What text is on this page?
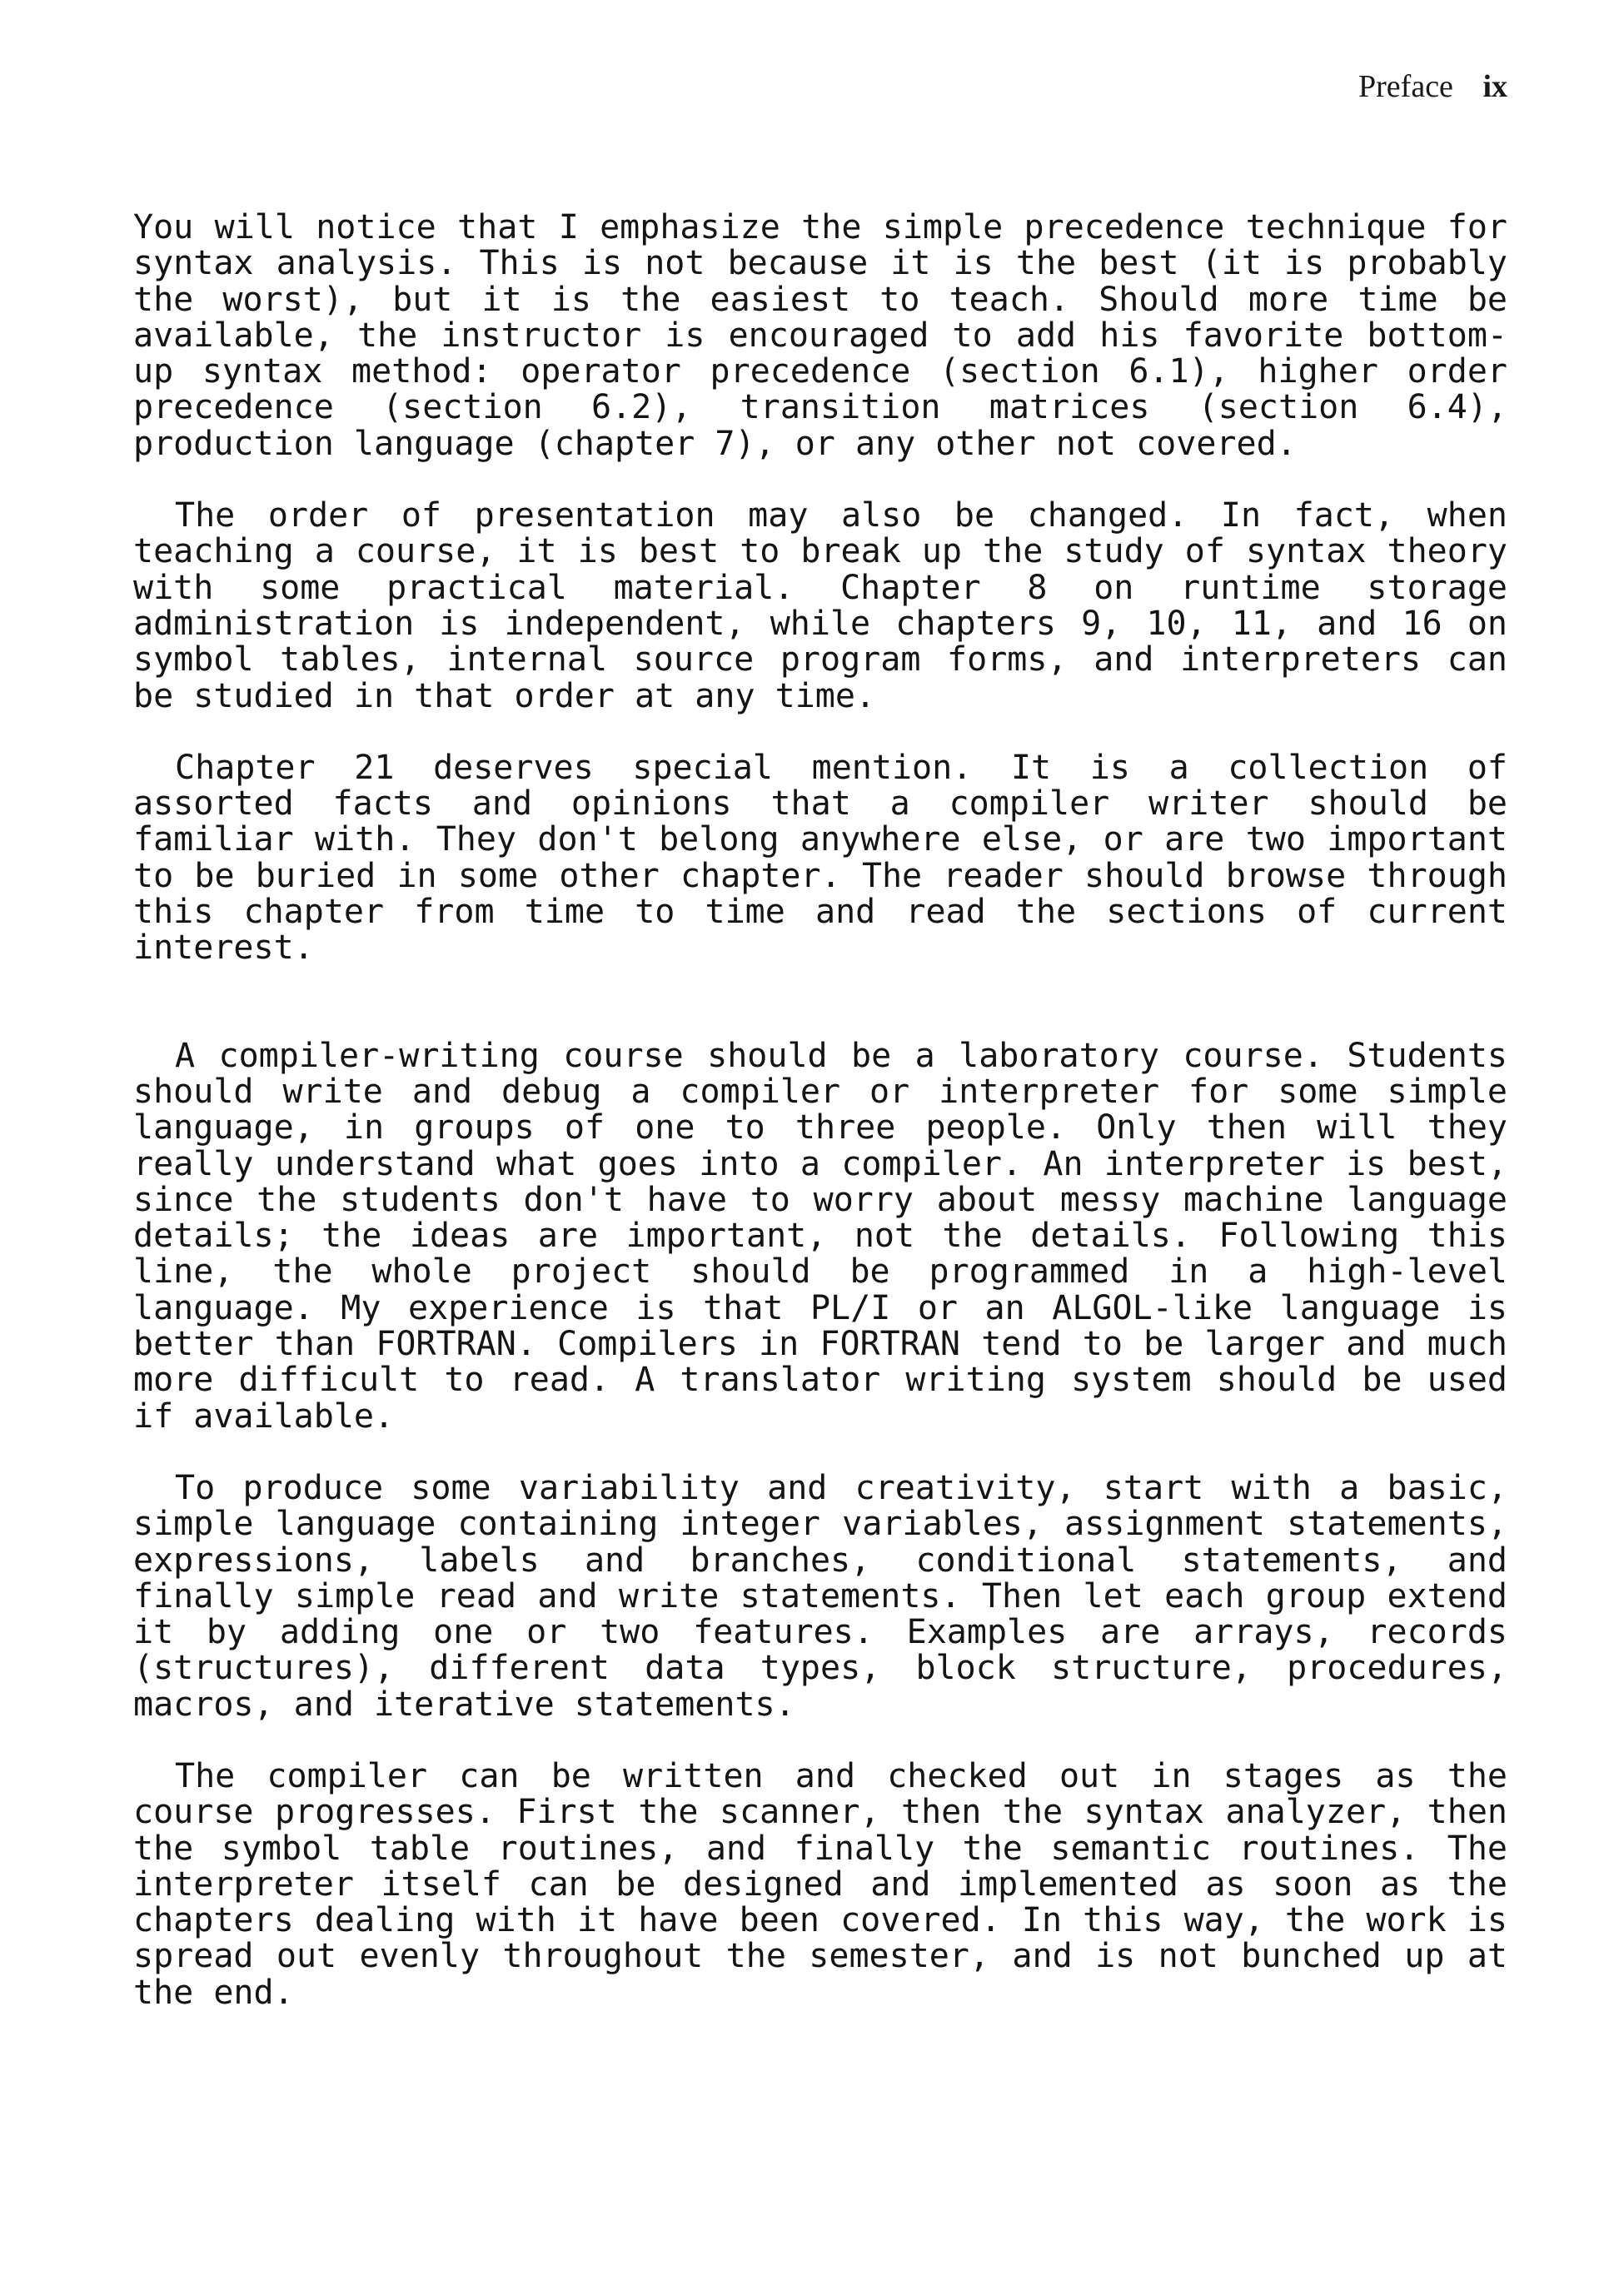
Preface ix

You will notice that I emphasize the simple precedence technique for syntax analysis. This is not because it is the best (it is probably the worst), but it is the easiest to teach. Should more time be available, the instructor is encouraged to add his favorite bottom-up syntax method: operator precedence (section 6.1), higher order precedence (section 6.2), transition matrices (section 6.4), production language (chapter 7), or any other not covered.

The order of presentation may also be changed. In fact, when teaching a course, it is best to break up the study of syntax theory with some practical material. Chapter 8 on runtime storage administration is independent, while chapters 9, 10, 11, and 16 on symbol tables, internal source program forms, and interpreters can be studied in that order at any time.

Chapter 21 deserves special mention. It is a collection of assorted facts and opinions that a compiler writer should be familiar with. They don't belong anywhere else, or are two important to be buried in some other chapter. The reader should browse through this chapter from time to time and read the sections of current interest.

A compiler-writing course should be a laboratory course. Students should write and debug a compiler or interpreter for some simple language, in groups of one to three people. Only then will they really understand what goes into a compiler. An interpreter is best, since the students don't have to worry about messy machine language details; the ideas are important, not the details. Following this line, the whole project should be programmed in a high-level language. My experience is that PL/I or an ALGOL-like language is better than FORTRAN. Compilers in FORTRAN tend to be larger and much more difficult to read. A translator writing system should be used if available.

To produce some variability and creativity, start with a basic, simple language containing integer variables, assignment statements, expressions, labels and branches, conditional statements, and finally simple read and write statements. Then let each group extend it by adding one or two features. Examples are arrays, records (structures), different data types, block structure, procedures, macros, and iterative statements.

The compiler can be written and checked out in stages as the course progresses. First the scanner, then the syntax analyzer, then the symbol table routines, and finally the semantic routines. The interpreter itself can be designed and implemented as soon as the chapters dealing with it have been covered. In this way, the work is spread out evenly throughout the semester, and is not bunched up at the end.
